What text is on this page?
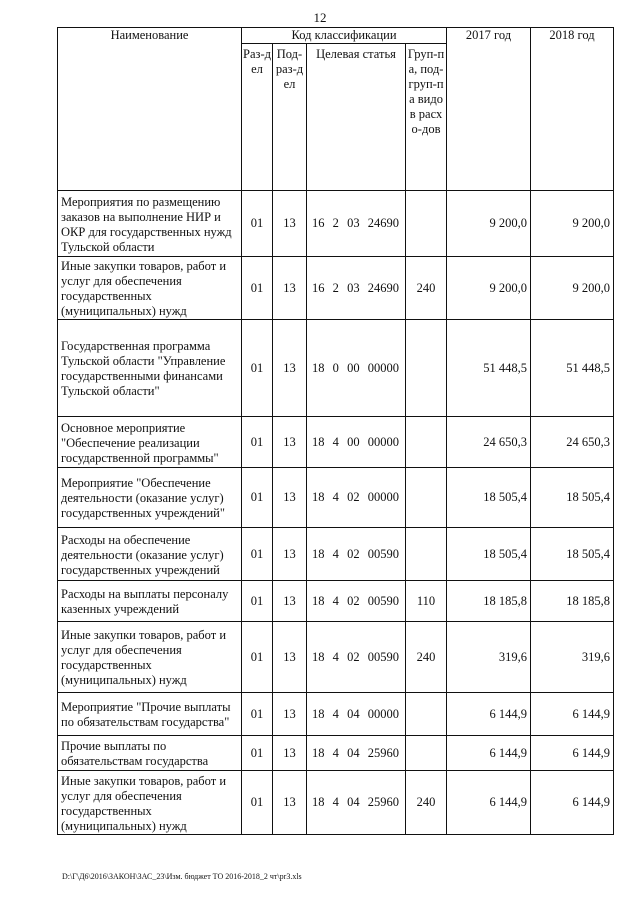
12
Наименование	Код классификации				2017 год	2018 год
	Раз-дел	Под-раз-дел	Целевая статья	Груп-па, под-груп-па видов расхо-дов		
Мероприятия по размещению заказов на выполнение НИР и ОКР для государственных нужд Тульской области	01	13	16 2 03 24690		9 200,0	9 200,0
Иные закупки товаров, работ и услуг для обеспечения государственных (муниципальных) нужд	01	13	16 2 03 24690	240	9 200,0	9 200,0
Государственная программа Тульской области "Управление государственными финансами Тульской области"	01	13	18 0 00 00000		51 448,5	51 448,5
Основное мероприятие "Обеспечение реализации государственной программы"	01	13	18 4 00 00000		24 650,3	24 650,3
Мероприятие "Обеспечение деятельности (оказание услуг) государственных учреждений"	01	13	18 4 02 00000		18 505,4	18 505,4
Расходы на обеспечение деятельности (оказание услуг) государственных учреждений	01	13	18 4 02 00590		18 505,4	18 505,4
Расходы на выплаты персоналу казенных учреждений	01	13	18 4 02 00590	110	18 185,8	18 185,8
Иные закупки товаров, работ и услуг для обеспечения государственных (муниципальных) нужд	01	13	18 4 02 00590	240	319,6	319,6
Мероприятие "Прочие выплаты по обязательствам государства"	01	13	18 4 04 00000		6 144,9	6 144,9
Прочие выплаты по обязательствам государства	01	13	18 4 04 25960		6 144,9	6 144,9
Иные закупки товаров, работ и услуг для обеспечения государственных (муниципальных) нужд	01	13	18 4 04 25960	240	6 144,9	6 144,9
D:\Г\Д6\2016\ЗАКОН\ЗАС_23\Изм. бюджет ТО 2016-2018_2 чт\pr3.xls
